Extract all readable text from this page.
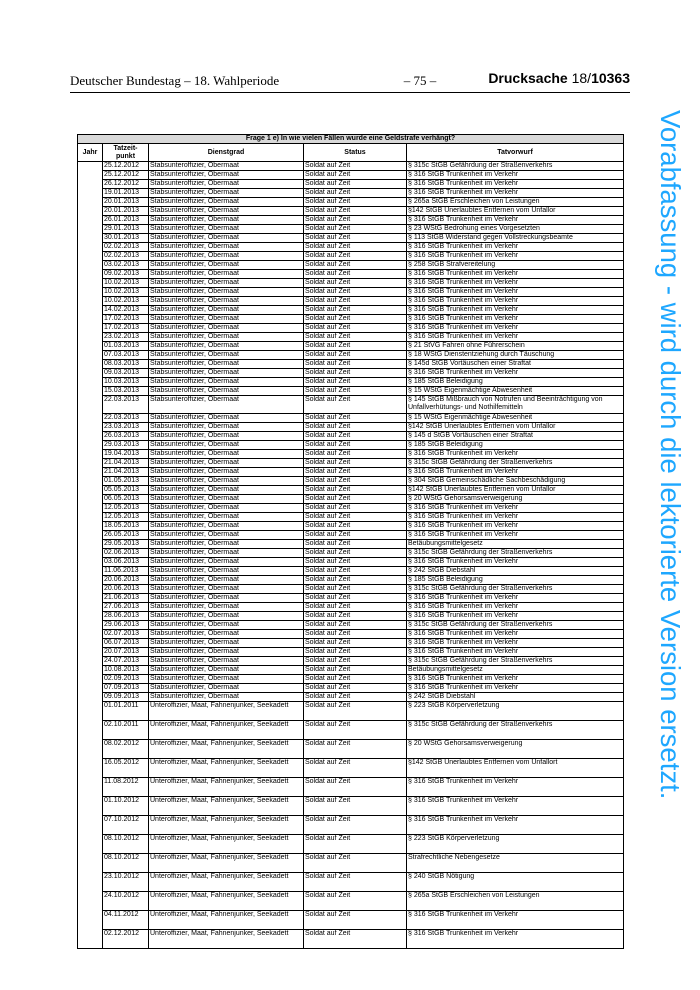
Deutscher Bundestag – 18. Wahlperiode	– 75 –	Drucksache 18/10363
Vorabfassung - wird durch die lektorierte Version ersetzt.
Frage 1 e) In wie vielen Fällen wurde eine Geldstrafe verhängt?				
Jahr	Tatzeit-punkt	Dienstgrad	Status	Tatvorwurf
	25.12.2012	Stabsunteroffizier, Obermaat	Soldat auf Zeit	§ 315c StGB Gefährdung der Straßenverkehrs
	25.12.2012	Stabsunteroffizier, Obermaat	Soldat auf Zeit	§ 316 StGB Trunkenheit im Verkehr
	26.12.2012	Stabsunteroffizier, Obermaat	Soldat auf Zeit	§ 316 StGB Trunkenheit im Verkehr
	19.01.2013	Stabsunteroffizier, Obermaat	Soldat auf Zeit	§ 316 StGB Trunkenheit im Verkehr
	20.01.2013	Stabsunteroffizier, Obermaat	Soldat auf Zeit	§ 265a StGB Erschleichen von Leistungen
	20.01.2013	Stabsunteroffizier, Obermaat	Soldat auf Zeit	§142 StGB Unerlaubtes Entfernen vom Unfallor
	26.01.2013	Stabsunteroffizier, Obermaat	Soldat auf Zeit	§ 316 StGB Trunkenheit im Verkehr
	29.01.2013	Stabsunteroffizier, Obermaat	Soldat auf Zeit	§ 23 WStG Bedrohung eines Vorgesetzten
	30.01.2013	Stabsunteroffizier, Obermaat	Soldat auf Zeit	§ 113 StGB Widerstand gegen Vollstreckungsbeamte
	02.02.2013	Stabsunteroffizier, Obermaat	Soldat auf Zeit	§ 316 StGB Trunkenheit im Verkehr
	02.02.2013	Stabsunteroffizier, Obermaat	Soldat auf Zeit	§ 316 StGB Trunkenheit im Verkehr
	03.02.2013	Stabsunteroffizier, Obermaat	Soldat auf Zeit	§ 258 StGB Strafvereitelung
	09.02.2013	Stabsunteroffizier, Obermaat	Soldat auf Zeit	§ 316 StGB Trunkenheit im Verkehr
	10.02.2013	Stabsunteroffizier, Obermaat	Soldat auf Zeit	§ 316 StGB Trunkenheit im Verkehr
	10.02.2013	Stabsunteroffizier, Obermaat	Soldat auf Zeit	§ 316 StGB Trunkenheit im Verkehr
	10.02.2013	Stabsunteroffizier, Obermaat	Soldat auf Zeit	§ 316 StGB Trunkenheit im Verkehr
	14.02.2013	Stabsunteroffizier, Obermaat	Soldat auf Zeit	§ 316 StGB Trunkenheit im Verkehr
	17.02.2013	Stabsunteroffizier, Obermaat	Soldat auf Zeit	§ 316 StGB Trunkenheit im Verkehr
	17.02.2013	Stabsunteroffizier, Obermaat	Soldat auf Zeit	§ 316 StGB Trunkenheit im Verkehr
	23.02.2013	Stabsunteroffizier, Obermaat	Soldat auf Zeit	§ 316 StGB Trunkenheit im Verkehr
	01.03.2013	Stabsunteroffizier, Obermaat	Soldat auf Zeit	§ 21 StVG Fahren ohne Führerschein
	07.03.2013	Stabsunteroffizier, Obermaat	Soldat auf Zeit	§ 18 WStG Dienstentziehung durch Täuschung
	08.03.2013	Stabsunteroffizier, Obermaat	Soldat auf Zeit	§ 145d StGB Vortäuschen einer Straftat
	09.03.2013	Stabsunteroffizier, Obermaat	Soldat auf Zeit	§ 316 StGB Trunkenheit im Verkehr
	10.03.2013	Stabsunteroffizier, Obermaat	Soldat auf Zeit	§ 185 StGB Beleidigung
	15.03.2013	Stabsunteroffizier, Obermaat	Soldat auf Zeit	§ 15 WStG Eigenmächtige Abwesenheit
	22.03.2013	Stabsunteroffizier, Obermaat	Soldat auf Zeit	§ 145 StGB Mißbrauch von Notrufen und Beeinträchtigung von Unfallverhütungs- und Nothilfemitteln
	22.03.2013	Stabsunteroffizier, Obermaat	Soldat auf Zeit	§ 15 WStG Eigenmächtige Abwesenheit
	23.03.2013	Stabsunteroffizier, Obermaat	Soldat auf Zeit	§142 StGB Unerlaubtes Entfernen vom Unfallor
	26.03.2013	Stabsunteroffizier, Obermaat	Soldat auf Zeit	§ 145 d StGB Vortäuschen einer Straftat
	29.03.2013	Stabsunteroffizier, Obermaat	Soldat auf Zeit	§ 185 StGB Beleidigung
	19.04.2013	Stabsunteroffizier, Obermaat	Soldat auf Zeit	§ 316 StGB Trunkenheit im Verkehr
	21.04.2013	Stabsunteroffizier, Obermaat	Soldat auf Zeit	§ 315c StGB Gefährdung der Straßenverkehrs
	21.04.2013	Stabsunteroffizier, Obermaat	Soldat auf Zeit	§ 316 StGB Trunkenheit im Verkehr
	01.05.2013	Stabsunteroffizier, Obermaat	Soldat auf Zeit	§ 304 StGB Gemeinschädliche Sachbeschädigung
	05.05.2013	Stabsunteroffizier, Obermaat	Soldat auf Zeit	§142 StGB Unerlaubtes Entfernen vom Unfallor
	06.05.2013	Stabsunteroffizier, Obermaat	Soldat auf Zeit	§ 20 WStG Gehorsamsverweigerung
	12.05.2013	Stabsunteroffizier, Obermaat	Soldat auf Zeit	§ 316 StGB Trunkenheit im Verkehr
	12.05.2013	Stabsunteroffizier, Obermaat	Soldat auf Zeit	§ 316 StGB Trunkenheit im Verkehr
	18.05.2013	Stabsunteroffizier, Obermaat	Soldat auf Zeit	§ 316 StGB Trunkenheit im Verkehr
	26.05.2013	Stabsunteroffizier, Obermaat	Soldat auf Zeit	§ 316 StGB Trunkenheit im Verkehr
	29.05.2013	Stabsunteroffizier, Obermaat	Soldat auf Zeit	Betäubungsmittelgesetz
	02.06.2013	Stabsunteroffizier, Obermaat	Soldat auf Zeit	§ 315c StGB Gefährdung der Straßenverkehrs
	03.06.2013	Stabsunteroffizier, Obermaat	Soldat auf Zeit	§ 316 StGB Trunkenheit im Verkehr
	11.06.2013	Stabsunteroffizier, Obermaat	Soldat auf Zeit	§ 242 StGB Diebstahl
	20.06.2013	Stabsunteroffizier, Obermaat	Soldat auf Zeit	§ 185 StGB Beleidigung
	20.06.2013	Stabsunteroffizier, Obermaat	Soldat auf Zeit	§ 315c StGB Gefährdung der Straßenverkehrs
	21.06.2013	Stabsunteroffizier, Obermaat	Soldat auf Zeit	§ 316 StGB Trunkenheit im Verkehr
	27.06.2013	Stabsunteroffizier, Obermaat	Soldat auf Zeit	§ 316 StGB Trunkenheit im Verkehr
	28.06.2013	Stabsunteroffizier, Obermaat	Soldat auf Zeit	§ 316 StGB Trunkenheit im Verkehr
	29.06.2013	Stabsunteroffizier, Obermaat	Soldat auf Zeit	§ 315c StGB Gefährdung der Straßenverkehrs
	02.07.2013	Stabsunteroffizier, Obermaat	Soldat auf Zeit	§ 316 StGB Trunkenheit im Verkehr
	06.07.2013	Stabsunteroffizier, Obermaat	Soldat auf Zeit	§ 316 StGB Trunkenheit im Verkehr
	20.07.2013	Stabsunteroffizier, Obermaat	Soldat auf Zeit	§ 316 StGB Trunkenheit im Verkehr
	24.07.2013	Stabsunteroffizier, Obermaat	Soldat auf Zeit	§ 315c StGB Gefährdung der Straßenverkehrs
	10.08.2013	Stabsunteroffizier, Obermaat	Soldat auf Zeit	Betäubungsmittelgesetz
	02.09.2013	Stabsunteroffizier, Obermaat	Soldat auf Zeit	§ 316 StGB Trunkenheit im Verkehr
	07.09.2013	Stabsunteroffizier, Obermaat	Soldat auf Zeit	§ 316 StGB Trunkenheit im Verkehr
	09.09.2013	Stabsunteroffizier, Obermaat	Soldat auf Zeit	§ 242 StGB Diebstahl
	01.01.2011	Unteroffizier, Maat, Fahnenjunker, Seekadett	Soldat auf Zeit	§ 223 StGB Körperverletzung
	02.10.2011	Unteroffizier, Maat, Fahnenjunker, Seekadett	Soldat auf Zeit	§ 315c StGB Gefährdung der Straßenverkehrs
	08.02.2012	Unteroffizier, Maat, Fahnenjunker, Seekadett	Soldat auf Zeit	§ 20 WStG Gehorsamsverweigerung
	16.05.2012	Unteroffizier, Maat, Fahnenjunker, Seekadett	Soldat auf Zeit	§142 StGB Unerlaubtes Entfernen vom Unfallort
	11.08.2012	Unteroffizier, Maat, Fahnenjunker, Seekadett	Soldat auf Zeit	§ 316 StGB Trunkenheit im Verkehr
	01.10.2012	Unteroffizier, Maat, Fahnenjunker, Seekadett	Soldat auf Zeit	§ 316 StGB Trunkenheit im Verkehr
	07.10.2012	Unteroffizier, Maat, Fahnenjunker, Seekadett	Soldat auf Zeit	§ 316 StGB Trunkenheit im Verkehr
	08.10.2012	Unteroffizier, Maat, Fahnenjunker, Seekadett	Soldat auf Zeit	§ 223 StGB Körperverletzung
	08.10.2012	Unteroffizier, Maat, Fahnenjunker, Seekadett	Soldat auf Zeit	Strafrechtliche Nebengesetze
	23.10.2012	Unteroffizier, Maat, Fahnenjunker, Seekadett	Soldat auf Zeit	§ 240 StGB Nötigung
	24.10.2012	Unteroffizier, Maat, Fahnenjunker, Seekadett	Soldat auf Zeit	§ 265a StGB Erschleichen von Leistungen
	04.11.2012	Unteroffizier, Maat, Fahnenjunker, Seekadett	Soldat auf Zeit	§ 316 StGB Trunkenheit im Verkehr
	02.12.2012	Unteroffizier, Maat, Fahnenjunker, Seekadett	Soldat auf Zeit	§ 316 StGB Trunkenheit im Verkehr
